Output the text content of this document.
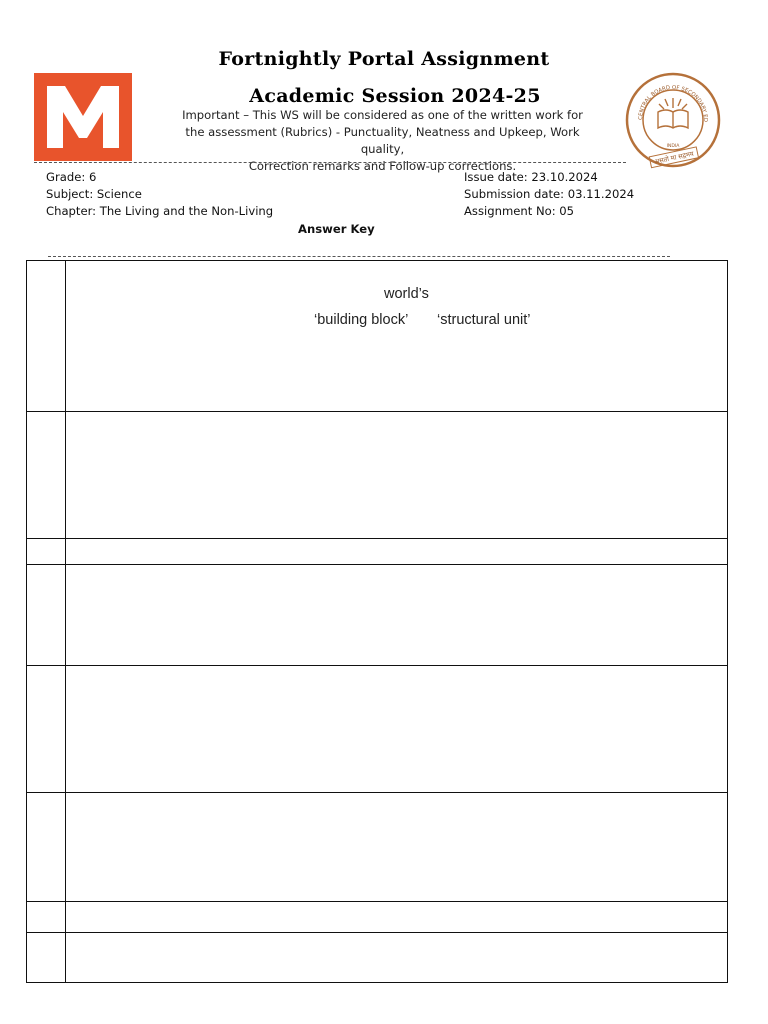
Fortnightly Portal Assignment
Academic Session 2024-25
Important – This WS will be considered as one of the written work for
the assessment (Rubrics) - Punctuality, Neatness and Upkeep, Work quality,
Correction remarks and Follow-up corrections.
CENTRAL BOARD OF SECONDARY ED
INDIA
असतो मा सद्गमय
Grade: 6
Subject: Science
Chapter: The Living and the Non-Living
Issue date: 23.10.2024
Submission date: 03.11.2024
Assignment No: 05
Answer Key
world’s
‘building block’ ‘structural unit’
